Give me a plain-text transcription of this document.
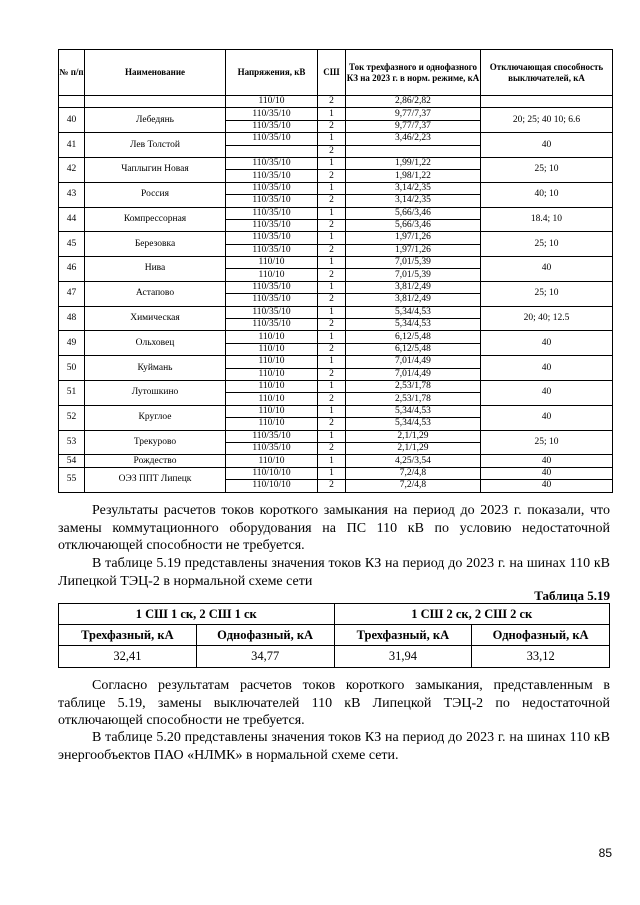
№ п/п	Наименование	Напряжения, кВ	СШ	Ток трехфазного и однофазного КЗ на 2023 г. в норм. режиме, кА	Отключающая способность выключателей, кА
		110/10	2	2,86/2,82	
40	Лебедянь	110/35/10	1	9,77/7,37	20; 25; 40 10; 6.6
		110/35/10	2	9,77/7,37	
41	Лев Толстой	110/35/10	1	3,46/2,23	40
			2		
42	Чаплыгин Новая	110/35/10	1	1,99/1,22	25; 10
		110/35/10	2	1,98/1,22	
43	Россия	110/35/10	1	3,14/2,35	40; 10
		110/35/10	2	3,14/2,35	
44	Компрессорная	110/35/10	1	5,66/3,46	18.4; 10
		110/35/10	2	5,66/3,46	
45	Березовка	110/35/10	1	1,97/1,26	25; 10
		110/35/10	2	1,97/1,26	
46	Нива	110/10	1	7,01/5,39	40
		110/10	2	7,01/5,39	
47	Астапово	110/35/10	1	3,81/2,49	25; 10
		110/35/10	2	3,81/2,49	
48	Химическая	110/35/10	1	5,34/4,53	20; 40; 12.5
		110/35/10	2	5,34/4,53	
49	Ольховец	110/10	1	6,12/5,48	40
		110/10	2	6,12/5,48	
50	Куймань	110/10	1	7,01/4,49	40
		110/10	2	7,01/4,49	
51	Лутошкино	110/10	1	2,53/1,78	40
		110/10	2	2,53/1,78	
52	Круглое	110/10	1	5,34/4,53	40
		110/10	2	5,34/4,53	
53	Трекурово	110/35/10	1	2,1/1,29	25; 10
		110/35/10	2	2,1/1,29	
54	Рождество	110/10	1	4,25/3,54	40
55	ОЭЗ ППТ Липецк	110/10/10	1	7,2/4,8	40
		110/10/10	2	7,2/4,8	40

Результаты расчетов токов короткого замыкания на период до 2023 г. показали, что замены коммутационного оборудования на ПС 110 кВ по условию недостаточной отключающей способности не требуется.

В таблице 5.19 представлены значения токов КЗ на период до 2023 г. на шинах 110 кВ Липецкой ТЭЦ-2 в нормальной схеме сети

Таблица 5.19

1 СШ 1 ск, 2 СШ 1 ск		1 СШ 2 ск, 2 СШ 2 ск	
Трехфазный, кА	Однофазный, кА	Трехфазный, кА	Однофазный, кА
32,41	34,77	31,94	33,12

Согласно результатам расчетов токов короткого замыкания, представленным в таблице 5.19, замены выключателей 110 кВ Липецкой ТЭЦ-2 по недостаточной отключающей способности не требуется.

В таблице 5.20 представлены значения токов КЗ на период до 2023 г. на шинах 110 кВ энергообъектов ПАО «НЛМК» в нормальной схеме сети.

85
